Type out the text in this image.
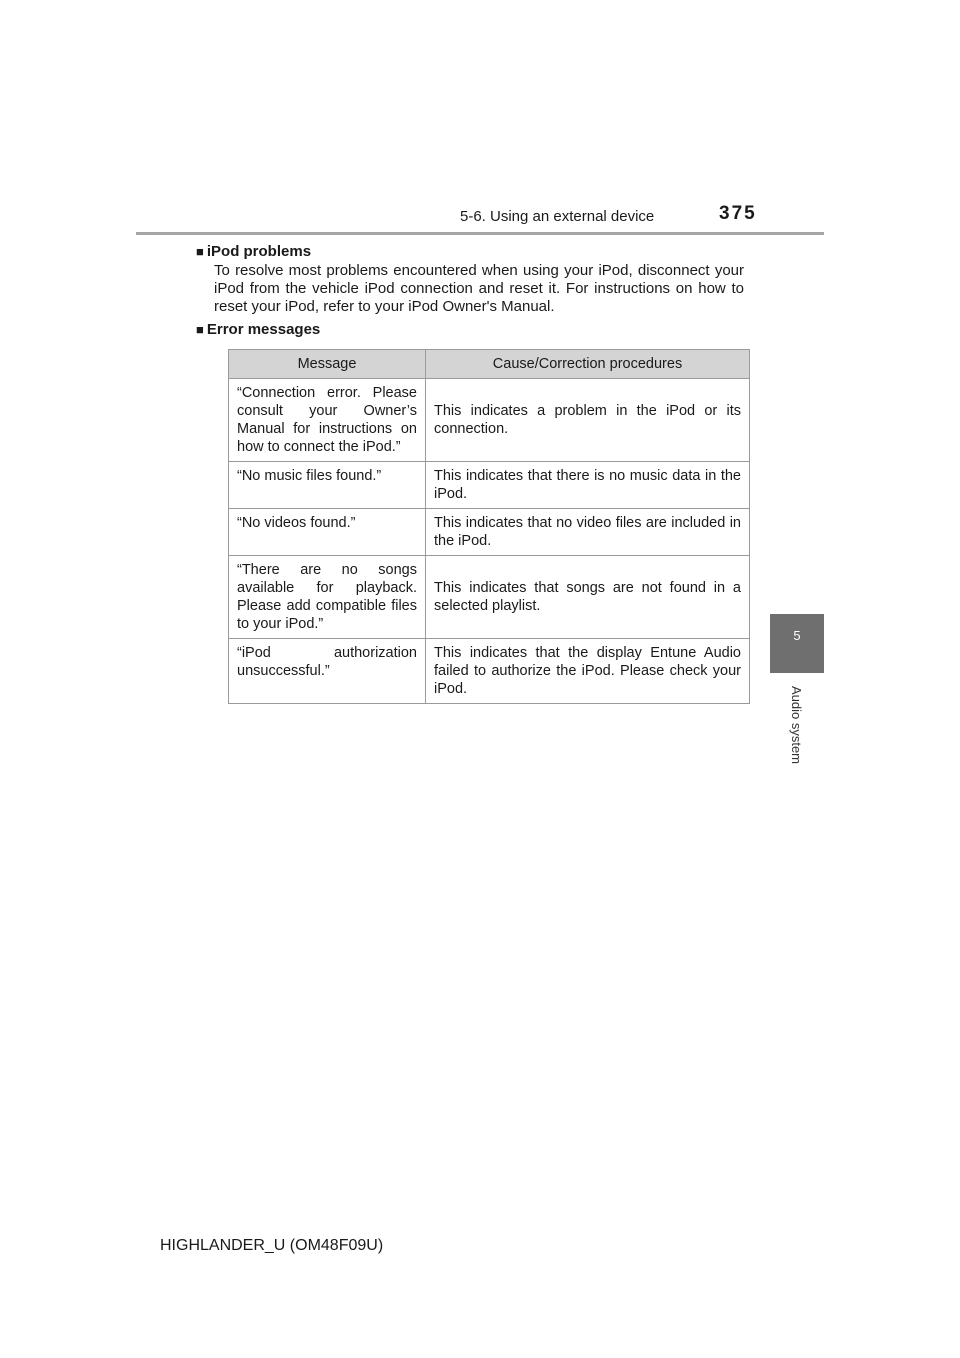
5-6. Using an external device	375
5
Audio system
■ iPod problems
To resolve most problems encountered when using your iPod, disconnect your iPod from the vehicle iPod connection and reset it. For instructions on how to reset your iPod, refer to your iPod Owner's Manual.
■ Error messages
Message	Cause/Correction procedures
“Connection error. Please consult your Owner’s Manual for instructions on how to connect the iPod.”	This indicates a problem in the iPod or its connection.
“No music files found.”	This indicates that there is no music data in the iPod.
“No videos found.”	This indicates that no video files are included in the iPod.
“There are no songs available for playback. Please add compatible files to your iPod.”	This indicates that songs are not found in a selected playlist.
“iPod authorization unsuccessful.”	This indicates that the display Entune Audio failed to authorize the iPod. Please check your iPod.
HIGHLANDER_U (OM48F09U)
